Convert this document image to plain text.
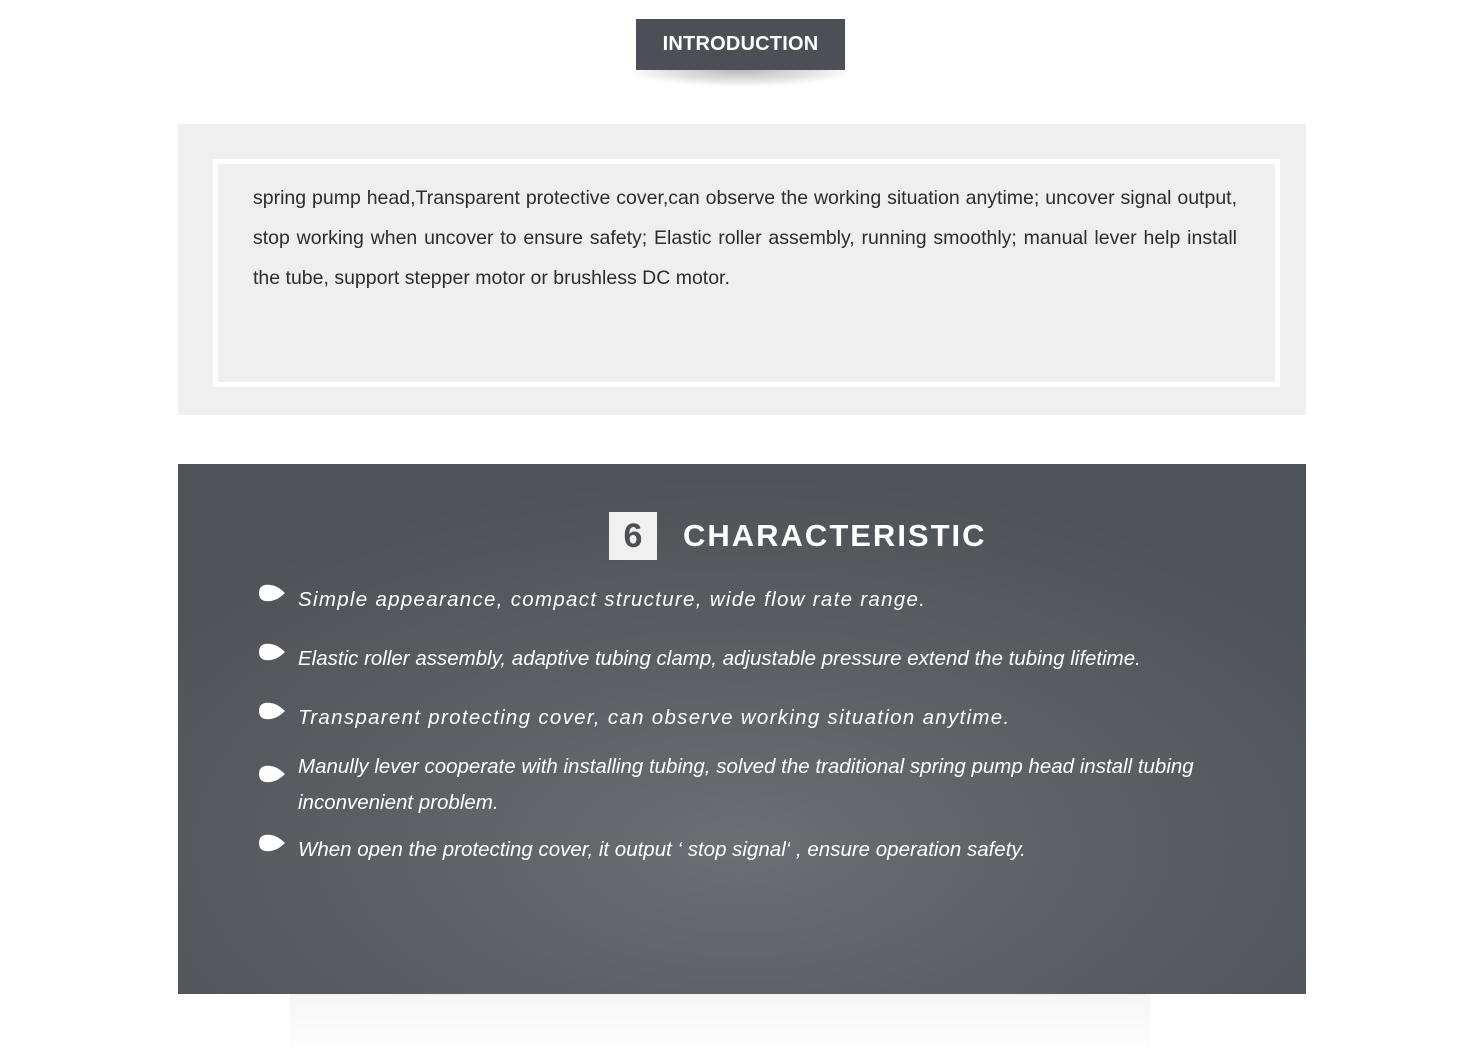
INTRODUCTION

spring pump head,Transparent protective cover,can observe the working situation anytime; uncover signal output, stop working when uncover to ensure safety; Elastic roller assembly, running smoothly; manual lever help install the tube, support stepper motor or brushless DC motor.

6	CHARACTERISTIC
Simple appearance, compact structure, wide flow rate range.
Elastic roller assembly, adaptive tubing clamp, adjustable pressure extend the tubing lifetime.
Transparent protecting cover, can observe working situation anytime.
Manully lever cooperate with installing tubing, solved the traditional spring pump head install tubing inconvenient problem.
When open the protecting cover, it output ‘ stop signal‘ , ensure operation safety.
